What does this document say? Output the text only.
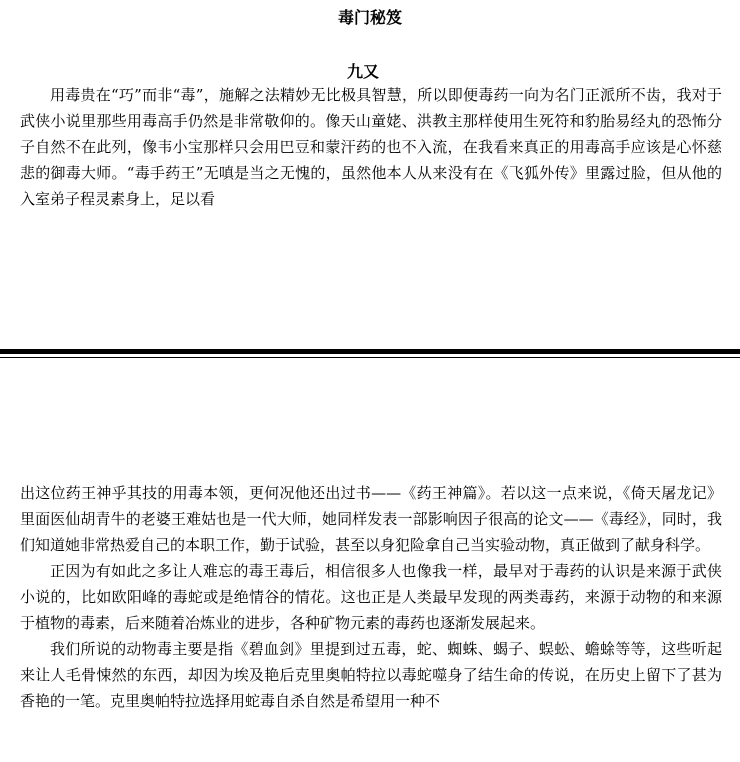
毒门秘笈
九又

用毒贵在“巧”而非“毒”，施解之法精妙无比极具智慧，所以即便毒药一向为名门正派所不齿，我对于武侠小说里那些用毒高手仍然是非常敬仰的。像天山童姥、洪教主那样使用生死符和豹胎易经丸的恐怖分子自然不在此列，像韦小宝那样只会用巴豆和蒙汗药的也不入流，在我看来真正的用毒高手应该是心怀慈悲的御毒大师。“毒手药王”无嗔是当之无愧的，虽然他本人从来没有在《飞狐外传》里露过脸，但从他的入室弟子程灵素身上，足以看

出这位药王神乎其技的用毒本领，更何况他还出过书——《药王神篇》。若以这一点来说，《倚天屠龙记》里面医仙胡青牛的老婆王难姑也是一代大师，她同样发表一部影响因子很高的论文——《毒经》，同时，我们知道她非常热爱自己的本职工作，勤于试验，甚至以身犯险拿自己当实验动物，真正做到了献身科学。

正因为有如此之多让人难忘的毒王毒后，相信很多人也像我一样，最早对于毒药的认识是来源于武侠小说的，比如欧阳峰的毒蛇或是绝情谷的情花。这也正是人类最早发现的两类毒药，来源于动物的和来源于植物的毒素，后来随着冶炼业的进步，各种矿物元素的毒药也逐渐发展起来。

我们所说的动物毒主要是指《碧血剑》里提到过五毒，蛇、蜘蛛、蝎子、蜈蚣、蟾蜍等等，这些听起来让人毛骨悚然的东西，却因为埃及艳后克里奥帕特拉以毒蛇噬身了结生命的传说，在历史上留下了甚为香艳的一笔。克里奥帕特拉选择用蛇毒自杀自然是希望用一种不
